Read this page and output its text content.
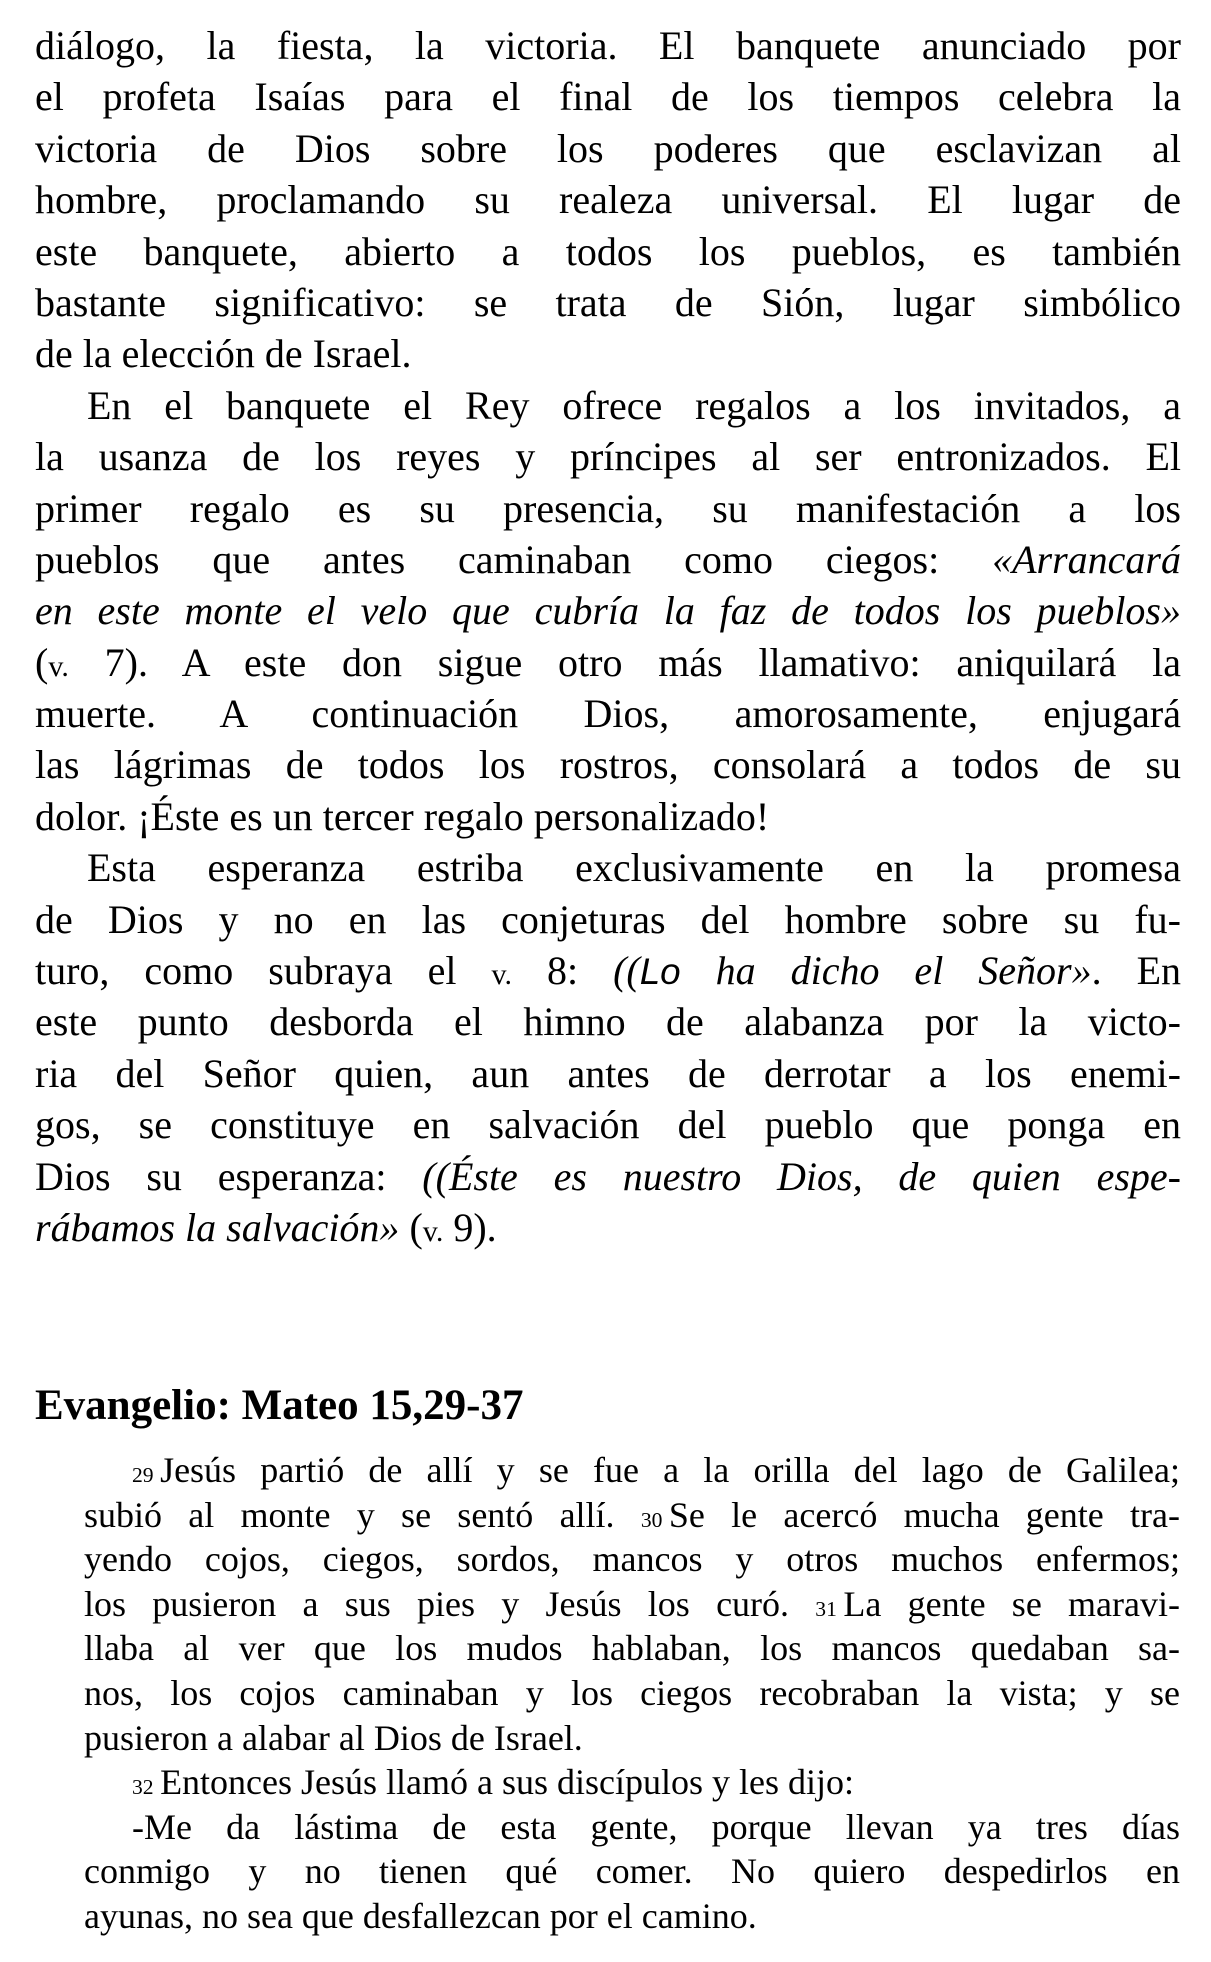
diálogo, la fiesta, la victoria. El banquete anunciado por
el profeta Isaías para el final de los tiempos celebra la
victoria de Dios sobre los poderes que esclavizan al
hombre, proclamando su realeza universal. El lugar de
este banquete, abierto a todos los pueblos, es también
bastante significativo: se trata de Sión, lugar simbólico
de la elección de Israel.
En el banquete el Rey ofrece regalos a los invitados, a
la usanza de los reyes y príncipes al ser entronizados. El
primer regalo es su presencia, su manifestación a los
pueblos que antes caminaban como ciegos: «Arrancará
en este monte el velo que cubría la faz de todos los pueblos»
(v. 7). A este don sigue otro más llamativo: aniquilará la
muerte. A continuación Dios, amorosamente, enjugará
las lágrimas de todos los rostros, consolará a todos de su
dolor. ¡Éste es un tercer regalo personalizado!
Esta esperanza estriba exclusivamente en la promesa
de Dios y no en las conjeturas del hombre sobre su fu-
turo, como subraya el v. 8: ((Lo ha dicho el Señor». En
este punto desborda el himno de alabanza por la victo-
ria del Señor quien, aun antes de derrotar a los enemi-
gos, se constituye en salvación del pueblo que ponga en
Dios su esperanza: ((Éste es nuestro Dios, de quien espe-
rábamos la salvación» (v. 9).
Evangelio: Mateo 15,29-37
29 Jesús partió de allí y se fue a la orilla del lago de Galilea;
subió al monte y se sentó allí. 30 Se le acercó mucha gente tra-
yendo cojos, ciegos, sordos, mancos y otros muchos enfermos;
los pusieron a sus pies y Jesús los curó. 31 La gente se maravi-
llaba al ver que los mudos hablaban, los mancos quedaban sa-
nos, los cojos caminaban y los ciegos recobraban la vista; y se
pusieron a alabar al Dios de Israel.
32 Entonces Jesús llamó a sus discípulos y les dijo:
-Me da lástima de esta gente, porque llevan ya tres días
conmigo y no tienen qué comer. No quiero despedirlos en
ayunas, no sea que desfallezcan por el camino.
